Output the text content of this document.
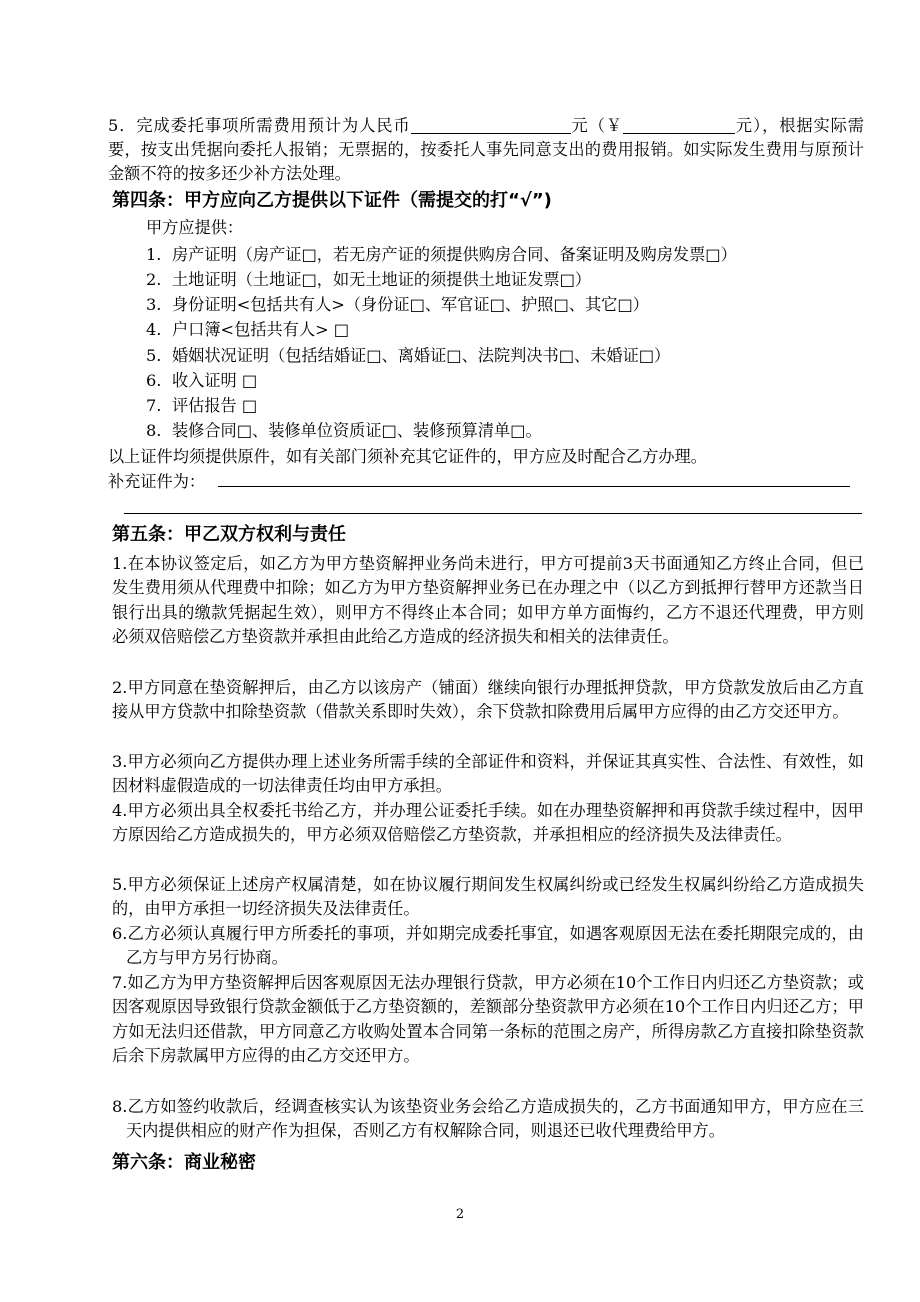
5．完成委托事项所需费用预计为人民币	元（￥	元），根据实际需要，按支出凭据向委托人报销；无票据的，按委托人事先同意支出的费用报销。如实际发生费用与原预计金额不符的按多还少补方法处理。
第四条：甲方应向乙方提供以下证件（需提交的打“√”)
甲方应提供：
1. 房产证明（房产证□，若无房产证的须提供购房合同、备案证明及购房发票□）
2. 土地证明（土地证□，如无土地证的须提供土地证发票□）
3. 身份证明<包括共有人>（身份证□、军官证□、护照□、其它□）
4. 户口簿<包括共有人> □
5. 婚姻状况证明（包括结婚证□、离婚证□、法院判决书□、未婚证□）
6. 收入证明 □
7. 评估报告 □
8. 装修合同□、装修单位资质证□、装修预算清单□。
以上证件均须提供原件，如有关部门须补充其它证件的，甲方应及时配合乙方办理。
补充证件为：
第五条：甲乙双方权利与责任
1.在本协议签定后，如乙方为甲方垫资解押业务尚未进行，甲方可提前3天书面通知乙方终止合同，但已发生费用须从代理费中扣除；如乙方为甲方垫资解押业务已在办理之中（以乙方到抵押行替甲方还款当日银行出具的缴款凭据起生效），则甲方不得终止本合同；如甲方单方面悔约，乙方不退还代理费，甲方则必须双倍赔偿乙方垫资款并承担由此给乙方造成的经济损失和相关的法律责任。
2.甲方同意在垫资解押后，由乙方以该房产（铺面）继续向银行办理抵押贷款，甲方贷款发放后由乙方直接从甲方贷款中扣除垫资款（借款关系即时失效），余下贷款扣除费用后属甲方应得的由乙方交还甲方。
3.甲方必须向乙方提供办理上述业务所需手续的全部证件和资料，并保证其真实性、合法性、有效性，如因材料虚假造成的一切法律责任均由甲方承担。
4.甲方必须出具全权委托书给乙方，并办理公证委托手续。如在办理垫资解押和再贷款手续过程中，因甲方原因给乙方造成损失的，甲方必须双倍赔偿乙方垫资款，并承担相应的经济损失及法律责任。
5.甲方必须保证上述房产权属清楚，如在协议履行期间发生权属纠纷或已经发生权属纠纷给乙方造成损失的，由甲方承担一切经济损失及法律责任。
6.乙方必须认真履行甲方所委托的事项，并如期完成委托事宜，如遇客观原因无法在委托期限完成的，由乙方与甲方另行协商。
7.如乙方为甲方垫资解押后因客观原因无法办理银行贷款，甲方必须在10个工作日内归还乙方垫资款；或因客观原因导致银行贷款金额低于乙方垫资额的，差额部分垫资款甲方必须在10个工作日内归还乙方；甲方如无法归还借款，甲方同意乙方收购处置本合同第一条标的范围之房产，所得房款乙方直接扣除垫资款后余下房款属甲方应得的由乙方交还甲方。
8.乙方如签约收款后，经调查核实认为该垫资业务会给乙方造成损失的，乙方书面通知甲方，甲方应在三天内提供相应的财产作为担保，否则乙方有权解除合同，则退还已收代理费给甲方。
第六条：商业秘密
2
